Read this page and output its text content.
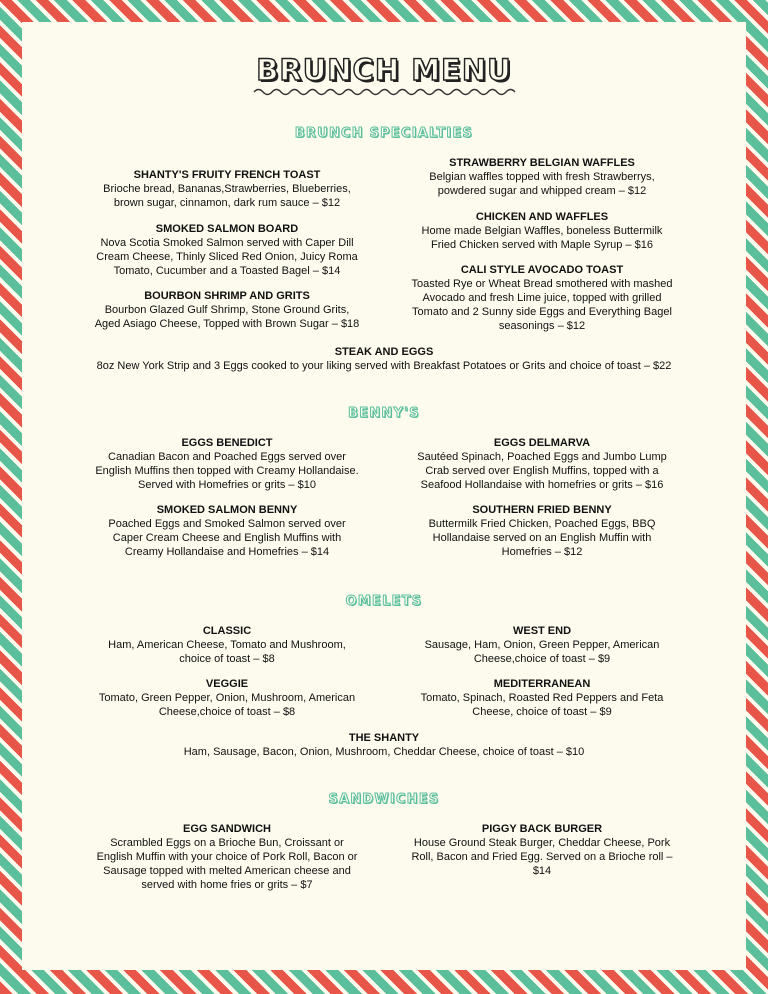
BRUNCH MENU
BRUNCH SPECIALTIES
SHANTY'S FRUITY FRENCH TOAST
Brioche bread, Bananas,Strawberries, Blueberries, brown sugar, cinnamon, dark rum sauce – $12
SMOKED SALMON BOARD
Nova Scotia Smoked Salmon served with Caper Dill Cream Cheese, Thinly Sliced Red Onion, Juicy Roma Tomato, Cucumber and a Toasted Bagel – $14
BOURBON SHRIMP AND GRITS
Bourbon Glazed Gulf Shrimp, Stone Ground Grits, Aged Asiago Cheese, Topped with Brown Sugar – $18
STRAWBERRY BELGIAN WAFFLES
Belgian waffles topped with fresh Strawberrys, powdered sugar and whipped cream – $12
CHICKEN AND WAFFLES
Home made Belgian Waffles, boneless Buttermilk Fried Chicken served with Maple Syrup – $16
CALI STYLE AVOCADO TOAST
Toasted Rye or Wheat Bread smothered with mashed Avocado and fresh Lime juice, topped with grilled Tomato and 2 Sunny side Eggs and Everything Bagel seasonings – $12
STEAK AND EGGS
8oz New York Strip and 3 Eggs cooked to your liking served with Breakfast Potatoes or Grits and choice of toast – $22
BENNY'S
EGGS BENEDICT
Canadian Bacon and Poached Eggs served over English Muffins then topped with Creamy Hollandaise. Served with Homefries or grits – $10
SMOKED SALMON BENNY
Poached Eggs and Smoked Salmon served over Caper Cream Cheese and English Muffins with Creamy Hollandaise and Homefries – $14
EGGS DELMARVA
Sautéed Spinach, Poached Eggs and Jumbo Lump Crab served over English Muffins, topped with a Seafood Hollandaise with homefries or grits – $16
SOUTHERN FRIED BENNY
Buttermilk Fried Chicken, Poached Eggs, BBQ Hollandaise served on an English Muffin with Homefries – $12
OMELETS
CLASSIC
Ham, American Cheese, Tomato and Mushroom, choice of toast – $8
VEGGIE
Tomato, Green Pepper, Onion, Mushroom, American Cheese,choice of toast – $8
WEST END
Sausage, Ham, Onion, Green Pepper, American Cheese,choice of toast – $9
MEDITERRANEAN
Tomato, Spinach, Roasted Red Peppers and Feta Cheese, choice of toast – $9
THE SHANTY
Ham, Sausage, Bacon, Onion, Mushroom, Cheddar Cheese, choice of toast – $10
SANDWICHES
EGG SANDWICH
Scrambled Eggs on a Brioche Bun, Croissant or English Muffin with your choice of Pork Roll, Bacon or Sausage topped with melted American cheese and served with home fries or grits – $7
PIGGY BACK BURGER
House Ground Steak Burger, Cheddar Cheese, Pork Roll, Bacon and Fried Egg. Served on a Brioche roll – $14
